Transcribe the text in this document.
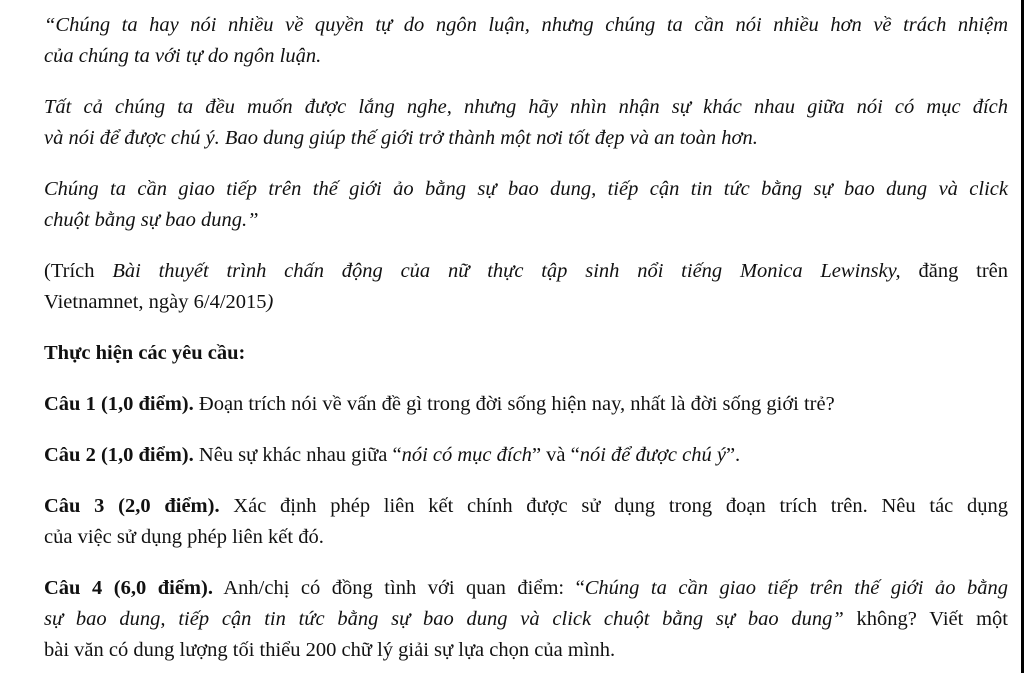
“Chúng ta hay nói nhiều về quyền tự do ngôn luận, nhưng chúng ta cần nói nhiều hơn về trách nhiệm

của chúng ta với tự do ngôn luận.

Tất cả chúng ta đều muốn được lắng nghe, nhưng hãy nhìn nhận sự khác nhau giữa nói có mục đích

và nói để được chú ý. Bao dung giúp thế giới trở thành một nơi tốt đẹp và an toàn hơn.

Chúng ta cần giao tiếp trên thế giới ảo bằng sự bao dung, tiếp cận tin tức bằng sự bao dung và click

chuột bằng sự bao dung.”

(Trích Bài thuyết trình chấn động của nữ thực tập sinh nổi tiếng Monica Lewinsky, đăng trên

Vietnamnet, ngày 6/4/2015)

Thực hiện các yêu cầu:

Câu 1 (1,0 điểm). Đoạn trích nói về vấn đề gì trong đời sống hiện nay, nhất là đời sống giới trẻ?

Câu 2 (1,0 điểm). Nêu sự khác nhau giữa “nói có mục đích” và “nói để được chú ý”.

Câu 3 (2,0 điểm). Xác định phép liên kết chính được sử dụng trong đoạn trích trên. Nêu tác dụng

của việc sử dụng phép liên kết đó.

Câu 4 (6,0 điểm). Anh/chị có đồng tình với quan điểm: “Chúng ta cần giao tiếp trên thế giới ảo bằng

sự bao dung, tiếp cận tin tức bằng sự bao dung và click chuột bằng sự bao dung” không? Viết một

bài văn có dung lượng tối thiểu 200 chữ lý giải sự lựa chọn của mình.
